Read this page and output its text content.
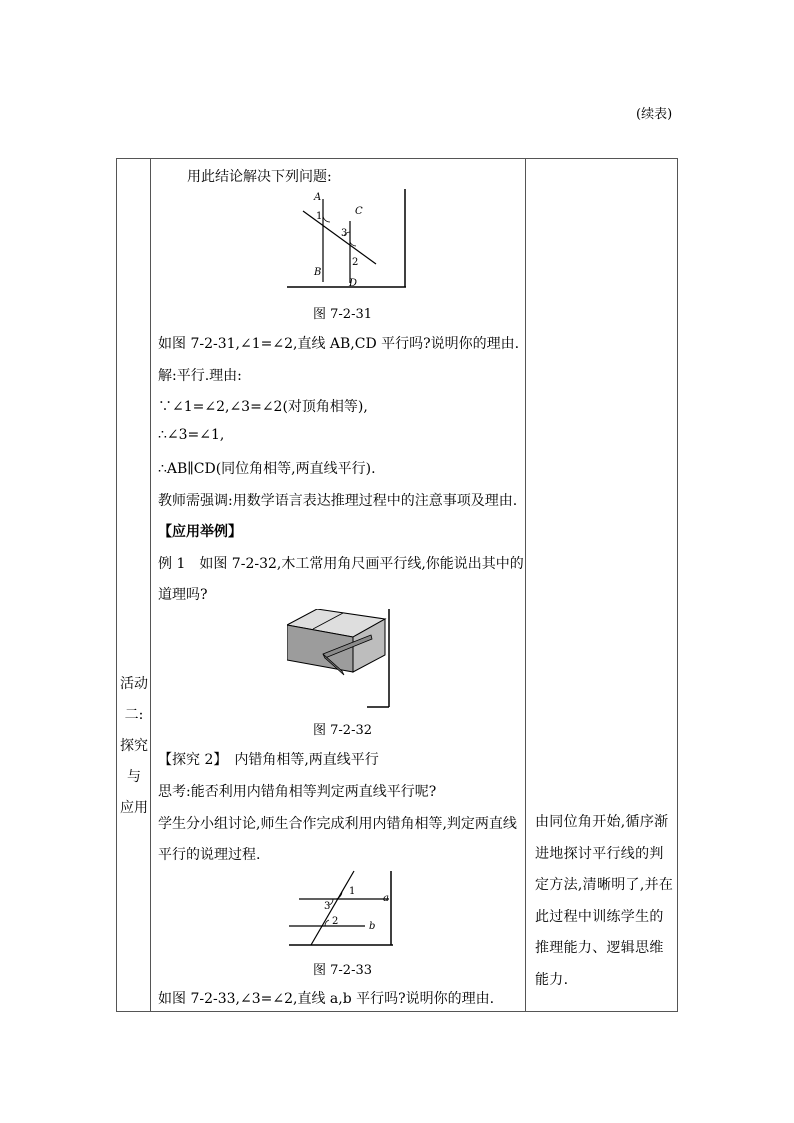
(续表)
活动
二:
探究
与
应用
用此结论解决下列问题:
A
1	C
3
2
B
D
图 7-2-31
如图 7-2-31,∠1=∠2,直线 AB,CD 平行吗?说明你的理由.
解:平行.理由:
∵∠1=∠2,∠3=∠2(对顶角相等),
∴∠3=∠1,
∴AB∥CD(同位角相等,两直线平行).
教师需强调:用数学语言表达推理过程中的注意事项及理由.
【应用举例】
例 1　如图 7-2-32,木工常用角尺画平行线,你能说出其中的
道理吗?
图 7-2-32
【探究 2】　内错角相等,两直线平行
思考:能否利用内错角相等判定两直线平行呢?
学生分小组讨论,师生合作完成利用内错角相等,判定两直线
平行的说理过程.
1
3
2
a
b
图 7-2-33
如图 7-2-33,∠3=∠2,直线 a,b 平行吗?说明你的理由.
由同位角开始,循序渐进地探讨平行线的判定方法,清晰明了,并在此过程中训练学生的推理能力、逻辑思维能力.
